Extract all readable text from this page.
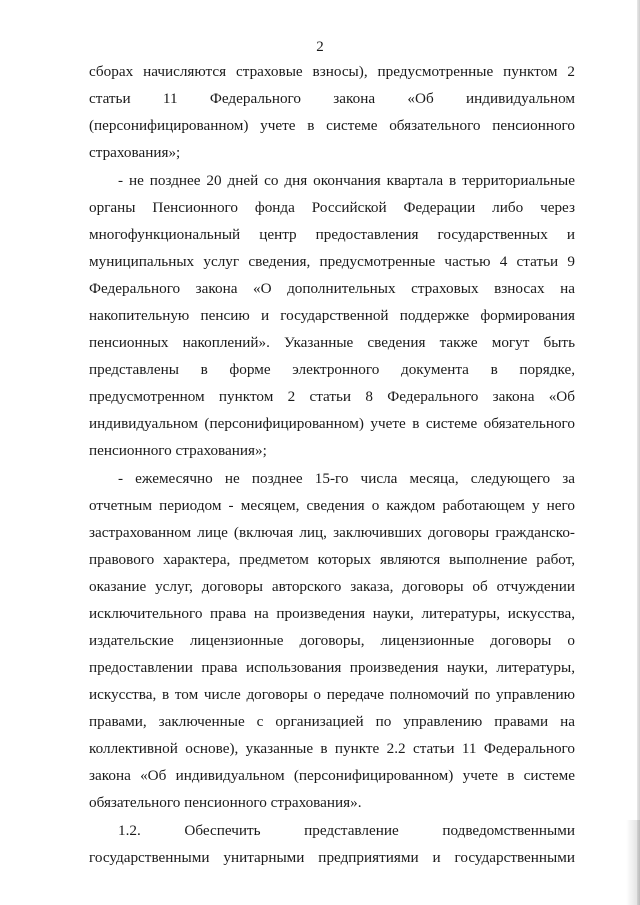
2
сборах начисляются страховые взносы), предусмотренные пунктом 2
статьи 11 Федерального закона «Об индивидуальном
(персонифицированном) учете в системе обязательного пенсионного
страхования»;
- не позднее 20 дней со дня окончания квартала в территориальные
органы Пенсионного фонда Российской Федерации либо через
многофункциональный центр предоставления государственных и
муниципальных услуг сведения, предусмотренные частью 4 статьи 9
Федерального закона «О дополнительных страховых взносах на
накопительную пенсию и государственной поддержке формирования
пенсионных накоплений». Указанные сведения также могут быть
представлены в форме электронного документа в порядке,
предусмотренном пунктом 2 статьи 8 Федерального закона «Об
индивидуальном (персонифицированном) учете в системе обязательного
пенсионного страхования»;
- ежемесячно не позднее 15-го числа месяца, следующего за
отчетным периодом - месяцем, сведения о каждом работающем у него
застрахованном лице (включая лиц, заключивших договоры гражданско-
правового характера, предметом которых являются выполнение работ,
оказание услуг, договоры авторского заказа, договоры об отчуждении
исключительного права на произведения науки, литературы, искусства,
издательские лицензионные договоры, лицензионные договоры о
предоставлении права использования произведения науки, литературы,
искусства, в том числе договоры о передаче полномочий по управлению
правами, заключенные с организацией по управлению правами на
коллективной основе), указанные в пункте 2.2 статьи 11 Федерального
закона «Об индивидуальном (персонифицированном) учете в системе
обязательного пенсионного страхования».
1.2. Обеспечить представление подведомственными
государственными унитарными предприятиями и государственными
